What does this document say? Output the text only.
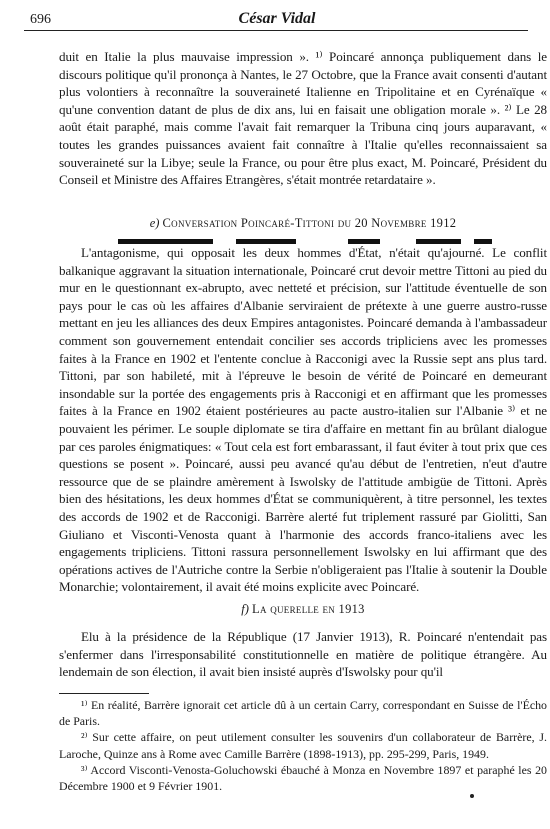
696	César Vidal

duit en Italie la plus mauvaise impression ». ¹⁾ Poincaré annonça publiquement dans le discours politique qu'il prononça à Nantes, le 27 Octobre, que la France avait consenti d'autant plus volontiers à reconnaître la souveraineté Italienne en Tripolitaine et en Cyrénaïque « qu'une convention datant de plus de dix ans, lui en faisait une obligation morale ». ²⁾ Le 28 août était paraphé, mais comme l'avait fait remarquer la Tribuna cinq jours auparavant, « toutes les grandes puissances avaient fait connaître à l'Italie qu'elles reconnaissaient sa souveraineté sur la Libye; seule la France, ou pour être plus exact, M. Poincaré, Président du Conseil et Ministre des Affaires Etrangères, s'était montrée retardataire ».

e) Conversation Poincaré-Tittoni du 20 Novembre 1912

L'antagonisme, qui opposait les deux hommes d'État, n'était qu'ajourné. Le conflit balkanique aggravant la situation internationale, Poincaré crut devoir mettre Tittoni au pied du mur en le questionnant ex-abrupto, avec netteté et précision, sur l'attitude éventuelle de son pays pour le cas où les affaires d'Albanie serviraient de prétexte à une guerre austro-russe mettant en jeu les alliances des deux Empires antagonistes. Poincaré demanda à l'ambassadeur comment son gouvernement entendait concilier ses accords tripliciens avec les promesses faites à la France en 1902 et l'entente conclue à Racconigi avec la Russie sept ans plus tard. Tittoni, par son habileté, mit à l'épreuve le besoin de vérité de Poincaré en demeurant insondable sur la portée des engagements pris à Racconigi et en affirmant que les promesses faites à la France en 1902 étaient postérieures au pacte austro-italien sur l'Albanie ³⁾ et ne pouvaient les périmer. Le souple diplomate se tira d'affaire en mettant fin au brûlant dialogue par ces paroles énigmatiques: « Tout cela est fort embarassant, il faut éviter à tout prix que ces questions se posent ». Poincaré, aussi peu avancé qu'au début de l'entretien, n'eut d'autre ressource que de se plaindre amèrement à Iswolsky de l'attitude ambigüe de Tittoni. Après bien des hésitations, les deux hommes d'État se communiquèrent, à titre personnel, les textes des accords de 1902 et de Racconigi. Barrère alerté fut triplement rassuré par Giolitti, San Giuliano et Visconti-Venosta quant à l'harmonie des accords franco-italiens avec les engagements tripliciens. Tittoni rassura personnellement Iswolsky en lui affirmant que des opérations actives de l'Autriche contre la Serbie n'obligeraient pas l'Italie à soutenir la Double Monarchie; volontairement, il avait été moins explicite avec Poincaré.

f) La querelle en 1913

Elu à la présidence de la République (17 Janvier 1913), R. Poincaré n'entendait pas s'enfermer dans l'irresponsabilité constitutionnelle en matière de politique étrangère. Au lendemain de son élection, il avait bien insisté auprès d'Iswolsky pour qu'il

¹⁾ En réalité, Barrère ignorait cet article dû à un certain Carry, correspondant en Suisse de l'Écho de Paris.

²⁾ Sur cette affaire, on peut utilement consulter les souvenirs d'un collaborateur de Barrère, J. Laroche, Quinze ans à Rome avec Camille Barrère (1898-1913), pp. 295-299, Paris, 1949.

³⁾ Accord Visconti-Venosta-Goluchowski ébauché à Monza en Novembre 1897 et paraphé les 20 Décembre 1900 et 9 Février 1901.
